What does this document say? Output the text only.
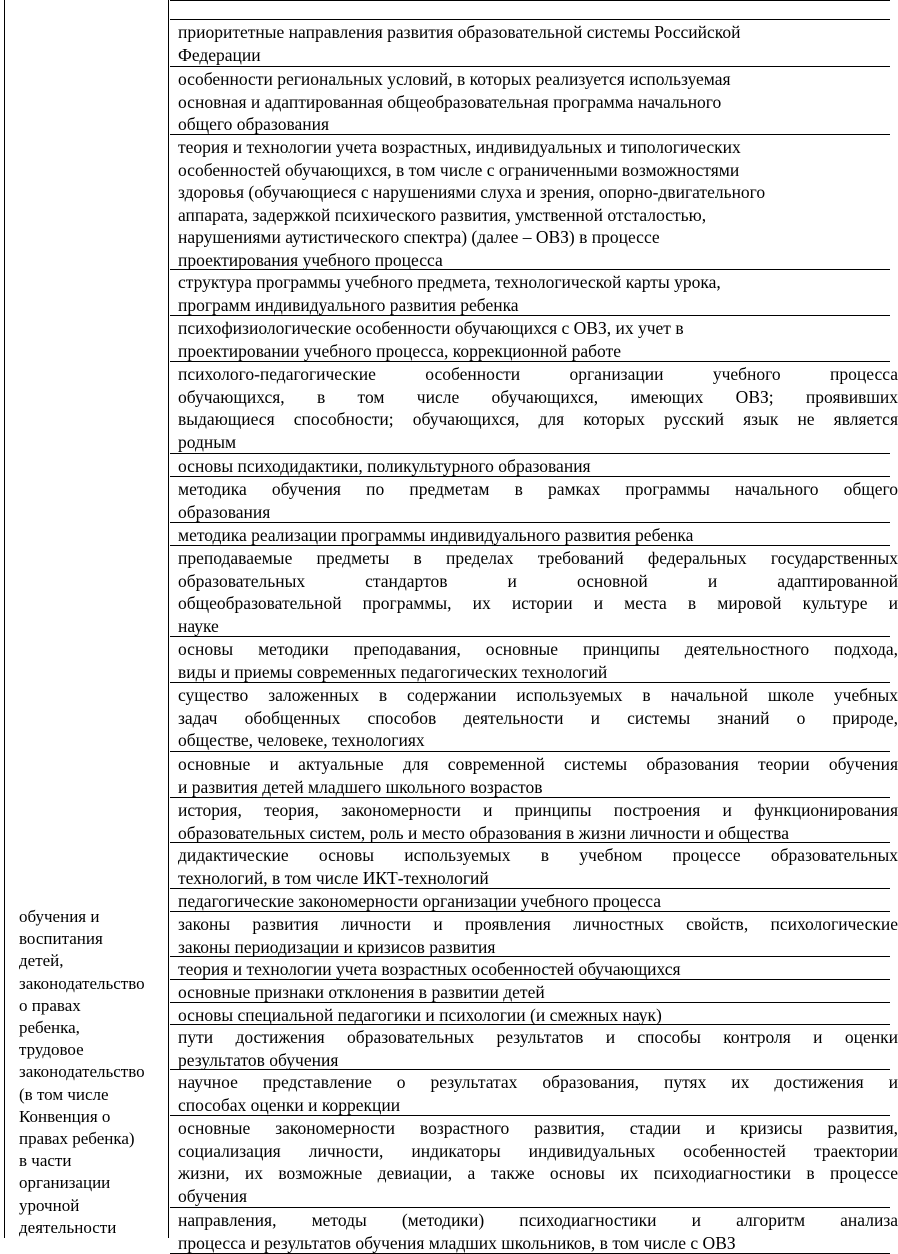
обучения и
воспитания
детей,
законодательство
о правах
ребенка,
трудовое
законодательство
(в том числе
Конвенция о
правах ребенка)
в части
организации
урочной
деятельности
приоритетные направления развития образовательной системы Российской
Федерации
особенности региональных условий, в которых реализуется используемая
основная и адаптированная общеобразовательная программа начального
общего образования
теория и технологии учета возрастных, индивидуальных и типологических
особенностей обучающихся, в том числе с ограниченными возможностями
здоровья (обучающиеся с нарушениями слуха и зрения, опорно-двигательного
аппарата, задержкой психического развития, умственной отсталостью,
нарушениями аутистического спектра) (далее – ОВЗ) в процессе
проектирования учебного процесса
структура программы учебного предмета, технологической карты урока,
программ индивидуального развития ребенка
психофизиологические особенности обучающихся с ОВЗ, их учет в
проектировании учебного процесса, коррекционной работе
психолого-педагогические особенности организации учебного процесса
обучающихся, в том числе обучающихся, имеющих ОВЗ; проявивших
выдающиеся способности; обучающихся, для которых русский язык не является
родным
основы психодидактики, поликультурного образования
методика обучения по предметам в рамках программы начального общего
образования
методика реализации программы индивидуального развития ребенка
преподаваемые предметы в пределах требований федеральных государственных
образовательных стандартов и основной и адаптированной
общеобразовательной программы, их истории и места в мировой культуре и
науке
основы методики преподавания, основные принципы деятельностного подхода,
виды и приемы современных педагогических технологий
существо заложенных в содержании используемых в начальной школе учебных
задач обобщенных способов деятельности и системы знаний о природе,
обществе, человеке, технологиях
основные и актуальные для современной системы образования теории обучения
и развития детей младшего школьного возрастов
история, теория, закономерности и принципы построения и функционирования
образовательных систем, роль и место образования в жизни личности и общества
дидактические основы используемых в учебном процессе образовательных
технологий, в том числе ИКТ-технологий
педагогические закономерности организации учебного процесса
законы развития личности и проявления личностных свойств, психологические
законы периодизации и кризисов развития
теория и технологии учета возрастных особенностей обучающихся
основные признаки отклонения в развитии детей
основы специальной педагогики и психологии (и смежных наук)
пути достижения образовательных результатов и способы контроля и оценки
результатов обучения
научное представление о результатах образования, путях их достижения и
способах оценки и коррекции
основные закономерности возрастного развития, стадии и кризисы развития,
социализация личности, индикаторы индивидуальных особенностей траектории
жизни, их возможные девиации, а также основы их психодиагностики в процессе
обучения
направления, методы (методики) психодиагностики и алгоритм анализа
процесса и результатов обучения младших школьников, в том числе с ОВЗ
